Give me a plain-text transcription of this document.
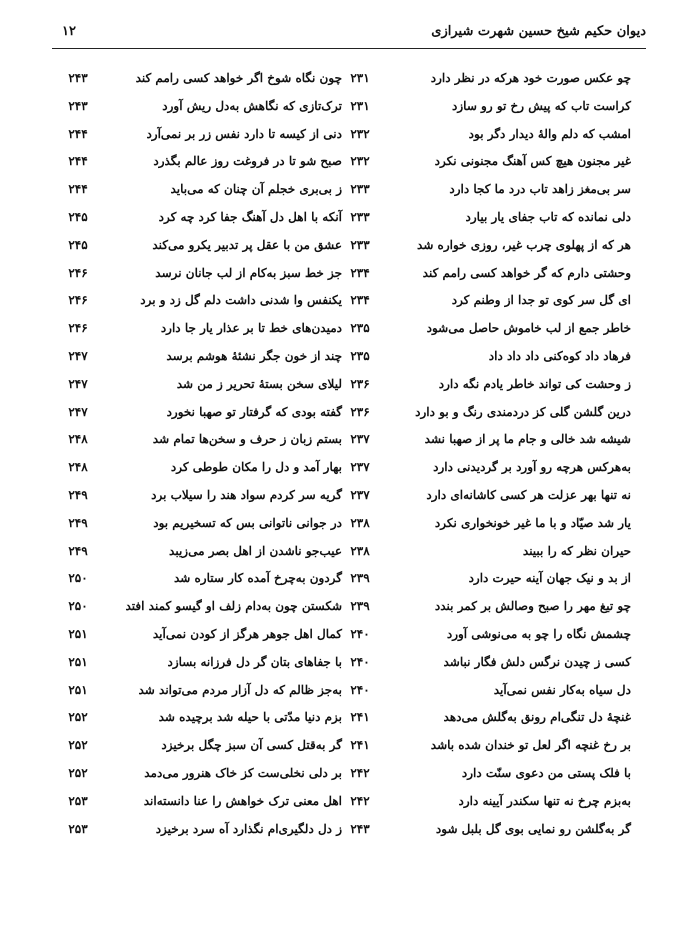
دیوان حکیم شیخ حسین شهرت شیرازی
۱۲
چو عکس صورت خود هرکه در نظر دارد
۲۳۱
چون نگاه شوخ اگر خواهد کسی رامم کند
۲۴۳
کراست تاب که پیش رخ تو رو سازد
۲۳۱
ترک‌تازی که نگاهش به‌دل ریش آورد
۲۴۳
امشب که دلم والهٔ دیدار دگر بود
۲۳۲
دنی از کیسه تا دارد نفس زر بر نمی‌آرد
۲۴۴
غیر مجنون هیچ کس آهنگ مجنونی نکرد
۲۳۲
صبح شو تا در فروغت روز عالم بگذرد
۲۴۴
سر بی‌مغز زاهد تاب درد ما کجا دارد
۲۳۳
ز بی‌بری خجلم آن چنان که می‌باید
۲۴۴
دلی نمانده که تاب جفای یار بیارد
۲۳۳
آنکه با اهل دل آهنگ جفا کرد چه کرد
۲۴۵
هر که از پهلوی چرب غیر، روزی خواره شد
۲۳۳
عشق من با عقل پر تدبیر یکرو می‌کند
۲۴۵
وحشتی دارم که گر خواهد کسی رامم کند
۲۳۴
جز خط سبز به‌کام از لب جانان نرسد
۲۴۶
ای گل سر کوی تو جدا از وطنم کرد
۲۳۴
یکنفس وا شدنی داشت دلم گل زد و برد
۲۴۶
خاطر جمع از لب خاموش حاصل می‌شود
۲۳۵
دمیدن‌های خط تا بر عذار یار جا دارد
۲۴۶
فرهاد داد کوه‌کنی داد داد داد
۲۳۵
چند از خون جگر نشئهٔ هوشم برسد
۲۴۷
ز وحشت کی تواند خاطر یادم نگه دارد
۲۳۶
لیلای سخن بستهٔ تحریر ز من شد
۲۴۷
درین گلشن گلی کز دردمندی رنگ و بو دارد
۲۳۶
گفته بودی که گرفتار تو صهبا نخورد
۲۴۷
شیشه شد خالی و جام ما پر از صهبا نشد
۲۳۷
بستم زبان ز حرف و سخن‌ها تمام شد
۲۴۸
به‌هرکس هرچه رو آورد بر گردیدنی دارد
۲۳۷
بهار آمد و دل را مکان طوطی کرد
۲۴۸
نه تنها بهر عزلت هر کسی کاشانه‌ای دارد
۲۳۷
گریه سر کردم سواد هند را سیلاب برد
۲۴۹
یار شد صیّاد و با ما غیر خونخواری نکرد
۲۳۸
در جوانی ناتوانی بس که تسخیریم بود
۲۴۹
حیران نظر که را ببیند
۲۳۸
عیب‌جو ناشدن از اهل بصر می‌زیبد
۲۴۹
از بد و نیک جهان آینه حیرت دارد
۲۳۹
گردون به‌چرخ آمده کار ستاره شد
۲۵۰
چو تیغ مهر را صبح وصالش بر کمر بندد
۲۳۹
شکستن چون به‌دام زلف او گیسو کمند افتد
۲۵۰
چشمش نگاه را چو به می‌نوشی آورد
۲۴۰
کمال اهل جوهر هرگز از کودن نمی‌آید
۲۵۱
کسی ز چیدن نرگس دلش فگار نباشد
۲۴۰
با جفاهای بتان گر دل فرزانه بسازد
۲۵۱
دل سیاه به‌کار نفس نمی‌آید
۲۴۰
به‌جز ظالم که دل آزار مردم می‌تواند شد
۲۵۱
غنچهٔ دل تنگی‌ام رونق به‌گلش می‌دهد
۲۴۱
بزم دنیا مدّتی با حیله شد برچیده شد
۲۵۲
بر رخ غنچه اگر لعل تو خندان شده باشد
۲۴۱
گر به‌قتل کسی آن سبز چگل برخیزد
۲۵۲
با فلک پستی من دعوی سنّت دارد
۲۴۲
بر دلی نخلی‌ست کز خاک هنرور می‌دمد
۲۵۲
به‌بزم چرخ نه تنها سکندر آیینه دارد
۲۴۲
اهل معنی ترک خواهش را عنا دانسته‌اند
۲۵۳
گر به‌گلشن رو نمایی بوی گل بلبل شود
۲۴۳
ز دل دلگیری‌ام نگذارد آه سرد برخیزد
۲۵۳
